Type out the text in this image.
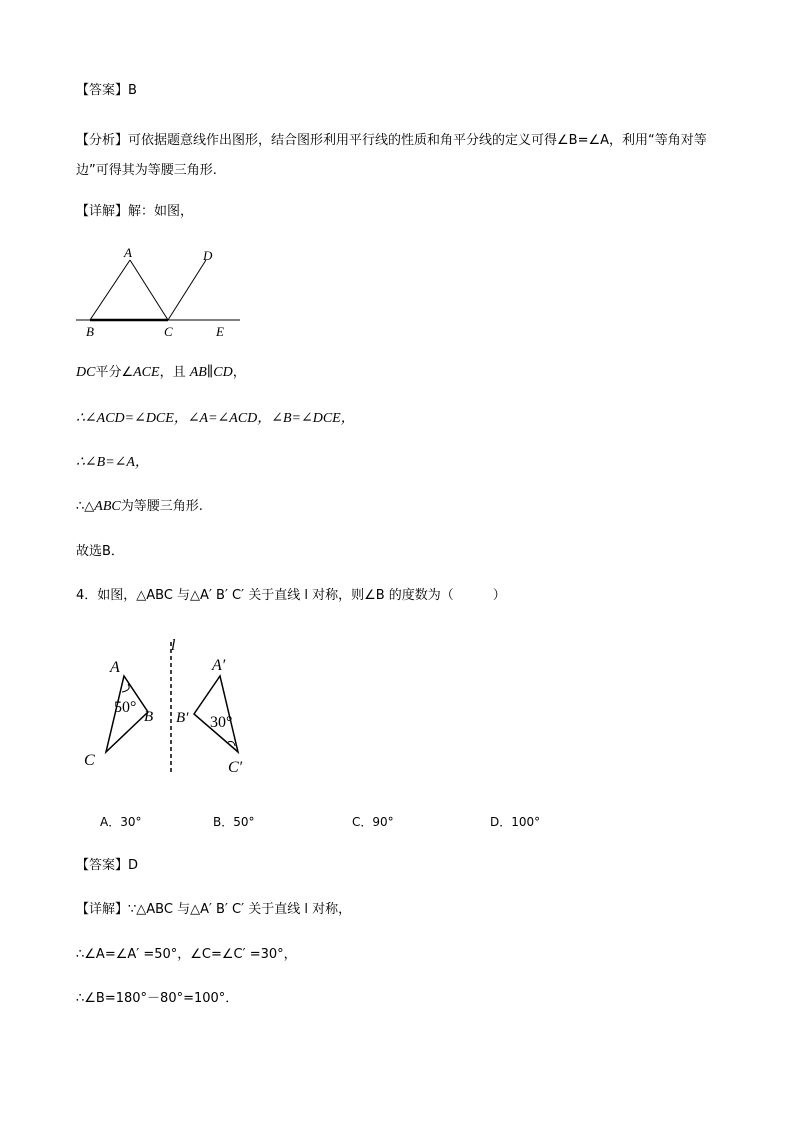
【答案】B
【分析】可依据题意线作出图形，结合图形利用平行线的性质和角平分线的定义可得∠B=∠A，利用“等角对等边”可得其为等腰三角形.
【详解】解：如图，
A	D
B	C	E
DC平分∠ACE，且 AB∥CD，
∴∠ACD=∠DCE，∠A=∠ACD，∠B=∠DCE，
∴∠B=∠A，
∴△ABC为等腰三角形.
故选B．
4．如图，△ABC 与△A′ B′ C′ 关于直线 l 对称，则∠B 的度数为（　　　）
l
A
B
C
50°
A′
B′
C′
30°
A．30°	B．50°	C．90°	D．100°
【答案】D
【详解】∵△ABC 与△A′ B′ C′ 关于直线 l 对称，
∴∠A=∠A′ =50°，∠C=∠C′ =30°，
∴∠B=180°－80°=100°．
